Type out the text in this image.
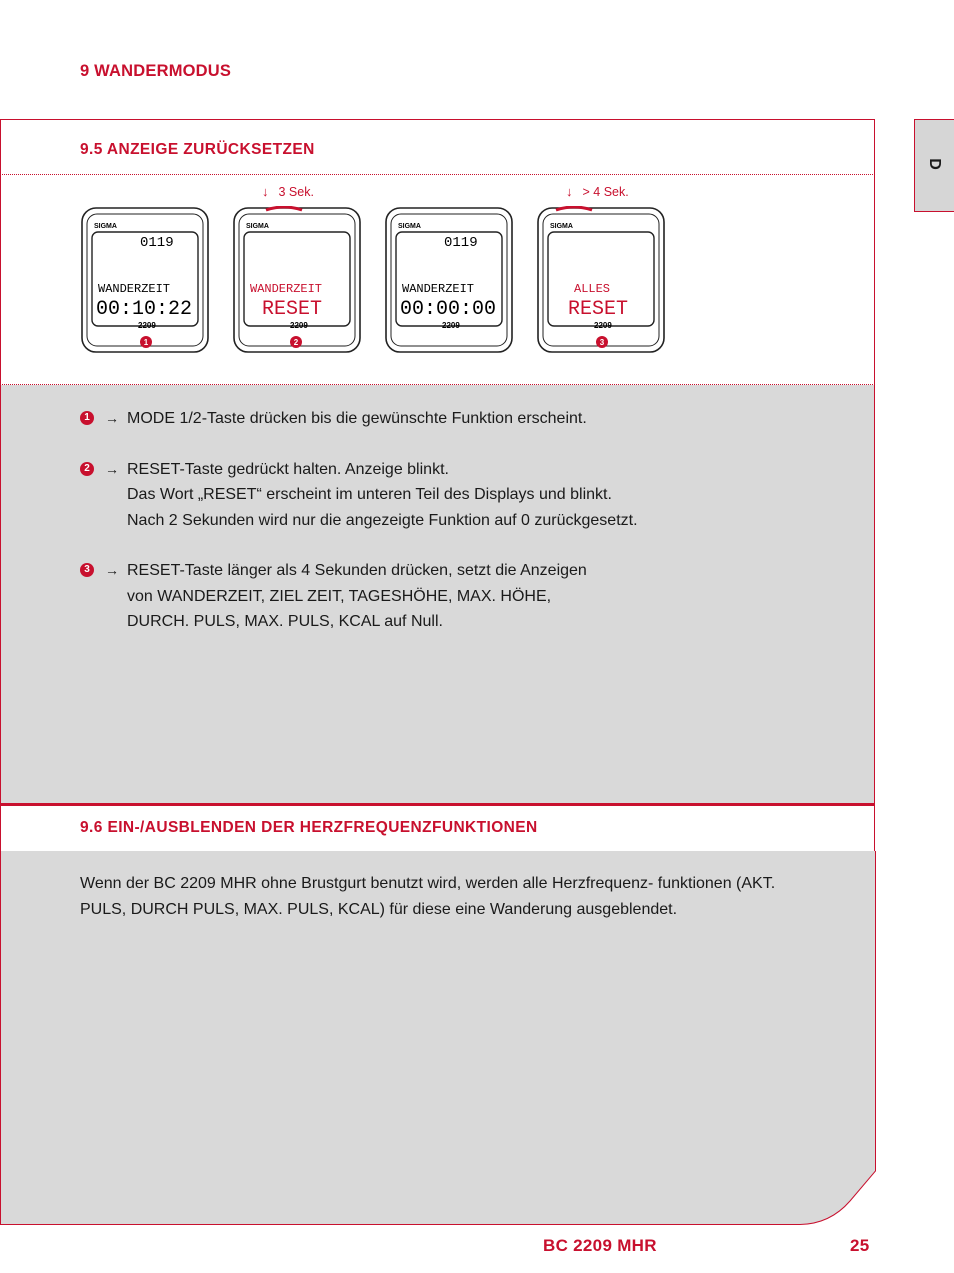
9 WANDERMODUS
D
9.5 ANZEIGE ZURÜCKSETZEN
↓ 3 Sek.	↓ > 4 Sek.
SIGMA
0119
WANDERZEIT
00:10:22
2209
1
SIGMA
WANDERZEIT
RESET
2209
2
SIGMA
0119
WANDERZEIT
00:00:00
2209
SIGMA
ALLES
RESET
2209
3
1	→ MODE 1/2-Taste drücken bis die gewünschte Funktion erscheint.
2	→ RESET-Taste gedrückt halten. Anzeige blinkt.
Das Wort „RESET“ erscheint im unteren Teil des Displays und blinkt.
Nach 2 Sekunden wird nur die angezeigte Funktion auf 0 zurückgesetzt.
3	→ RESET-Taste länger als 4 Sekunden drücken, setzt die Anzeigen
von WANDERZEIT, ZIEL ZEIT, TAGESHÖHE, MAX. HÖHE,
DURCH. PULS, MAX. PULS, KCAL auf Null.
9.6 EIN-/AUSBLENDEN DER HERZFREQUENZFUNKTIONEN
Wenn der BC 2209 MHR ohne Brustgurt benutzt wird, werden alle Herzfrequenz- funktionen (AKT. PULS, DURCH PULS, MAX. PULS, KCAL) für diese eine Wanderung ausgeblendet.
BC 2209 MHR	25
